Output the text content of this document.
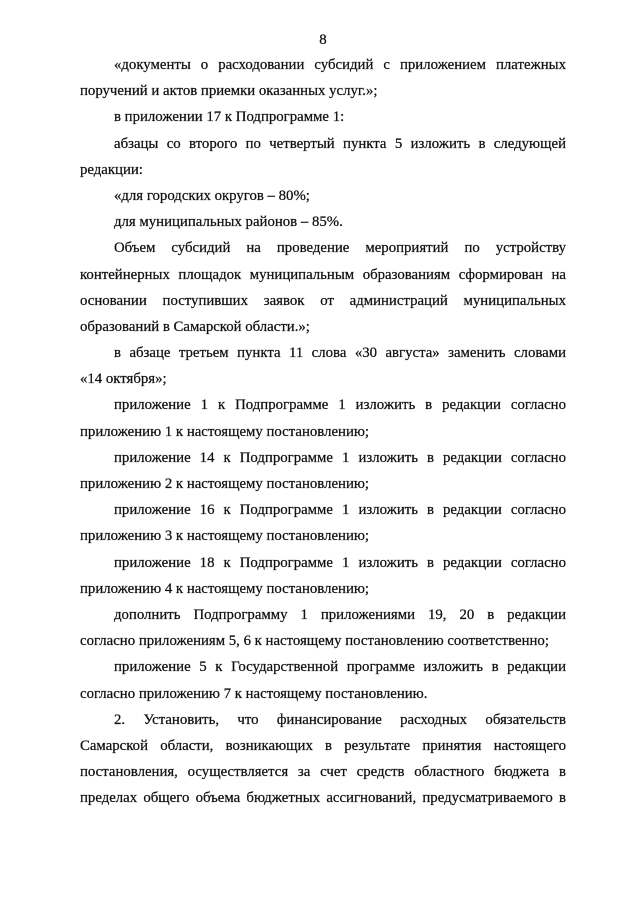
8
«документы о расходовании субсидий с приложением платежных
поручений и актов приемки оказанных услуг.»;
в приложении 17 к Подпрограмме 1:
абзацы со второго по четвертый пункта 5 изложить в следующей
редакции:
«для городских округов – 80%;
для муниципальных районов – 85%.
Объем субсидий на проведение мероприятий по устройству
контейнерных площадок муниципальным образованиям сформирован на
основании поступивших заявок от администраций муниципальных
образований в Самарской области.»;
в абзаце третьем пункта 11 слова «30 августа» заменить словами
«14 октября»;
приложение 1 к Подпрограмме 1 изложить в редакции согласно
приложению 1 к настоящему постановлению;
приложение 14 к Подпрограмме 1 изложить в редакции согласно
приложению 2 к настоящему постановлению;
приложение 16 к Подпрограмме 1 изложить в редакции согласно
приложению 3 к настоящему постановлению;
приложение 18 к Подпрограмме 1 изложить в редакции согласно
приложению 4 к настоящему постановлению;
дополнить Подпрограмму 1 приложениями 19, 20 в редакции
согласно приложениям 5, 6 к настоящему постановлению соответственно;
приложение 5 к Государственной программе изложить в редакции
согласно приложению 7 к настоящему постановлению.
2. Установить, что финансирование расходных обязательств
Самарской области, возникающих в результате принятия настоящего
постановления, осуществляется за счет средств областного бюджета в
пределах общего объема бюджетных ассигнований, предусматриваемого в
